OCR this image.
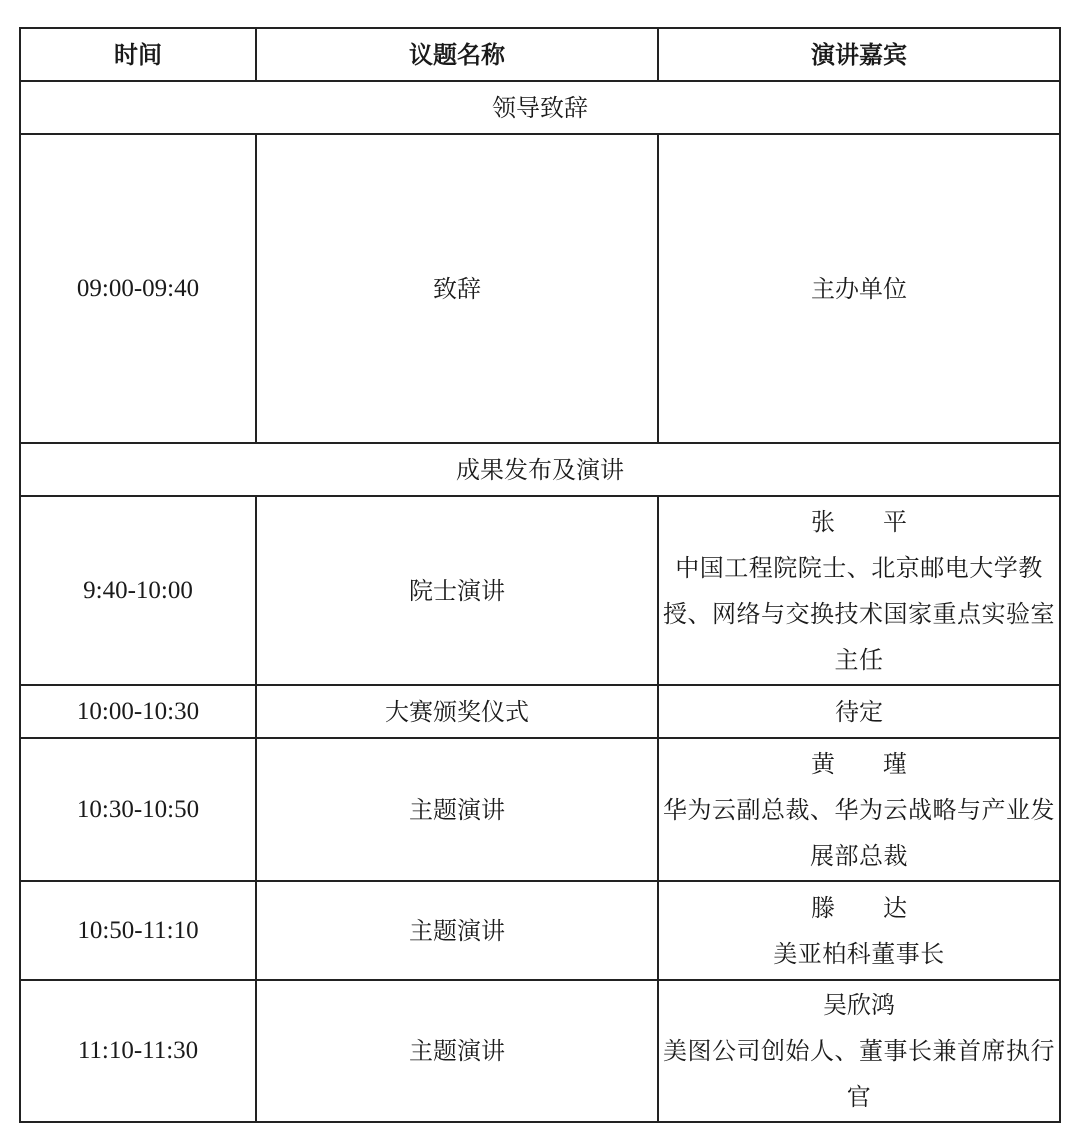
时间	议题名称	演讲嘉宾
领导致辞		
09:00-09:40	致辞	主办单位

成果发布及演讲		
9:40-10:00	院士演讲	张　　平
中国工程院院士、北京邮电大学教授、网络与交换技术国家重点实验室主任

10:00-10:30	大赛颁奖仪式	待定

10:30-10:50	主题演讲	黄　　瑾
华为云副总裁、华为云战略与产业发展部总裁

10:50-11:10	主题演讲	滕　　达
美亚柏科董事长

11:10-11:30	主题演讲	吴欣鸿
美图公司创始人、董事长兼首席执行官
